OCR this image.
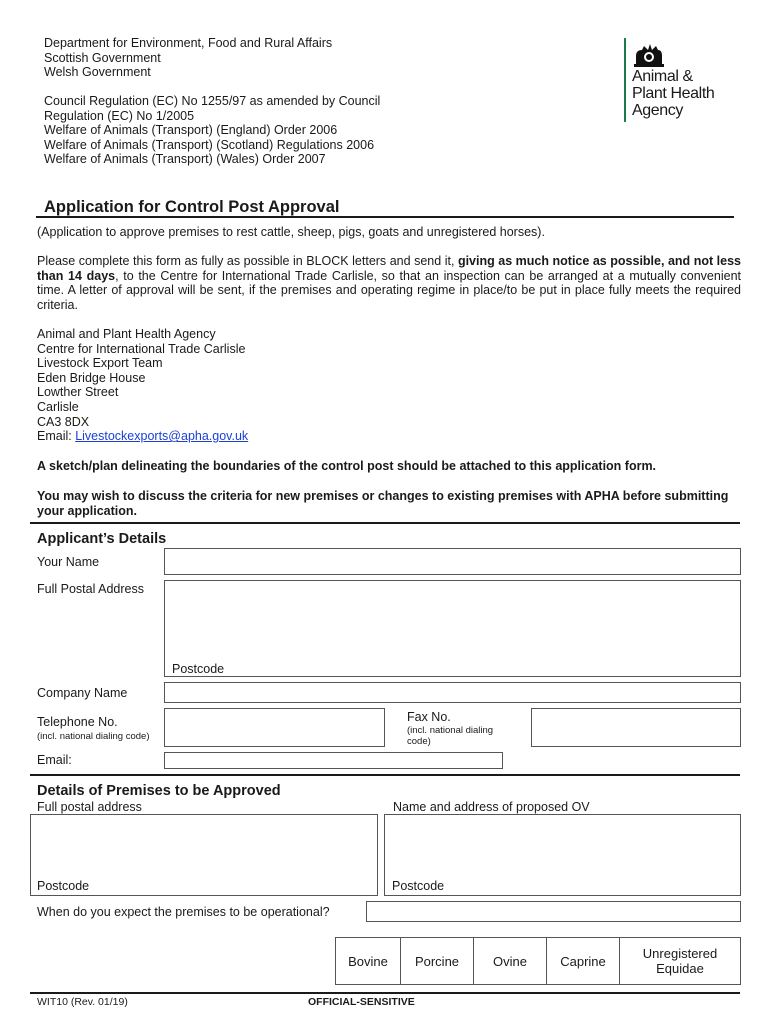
Department for Environment, Food and Rural Affairs
Scottish Government
Welsh Government
Council Regulation (EC) No 1255/97 as amended by Council
Regulation (EC) No 1/2005
Welfare of Animals (Transport) (England) Order 2006
Welfare of Animals (Transport) (Scotland) Regulations 2006
Welfare of Animals (Transport) (Wales) Order 2007
Animal &
Plant Health
Agency
Application for Control Post Approval
(Application to approve premises to rest cattle, sheep, pigs, goats and unregistered horses).
Please complete this form as fully as possible in BLOCK letters and send it, giving as much notice as possible, and not less than 14 days, to the Centre for International Trade Carlisle, so that an inspection can be arranged at a mutually convenient time. A letter of approval will be sent, if the premises and operating regime in place/to be put in place fully meets the required criteria.
Animal and Plant Health Agency
Centre for International Trade Carlisle
Livestock Export Team
Eden Bridge House
Lowther Street
Carlisle
CA3 8DX
Email: Livestockexports@apha.gov.uk
A sketch/plan delineating the boundaries of the control post should be attached to this application form.
You may wish to discuss the criteria for new premises or changes to existing premises with APHA before submitting your application.
Applicant’s Details
Your Name
Full Postal Address
Postcode
Company Name
Telephone No.
(incl. national dialing code)
Fax No.
(incl. national dialing code)
Email:
Details of Premises to be Approved
Full postal address	Name and address of proposed OV
Postcode	Postcode
When do you expect the premises to be operational?
Bovine	Porcine	Ovine	Caprine	Unregistered Equidae
WIT10 (Rev. 01/19)	OFFICIAL-SENSITIVE
